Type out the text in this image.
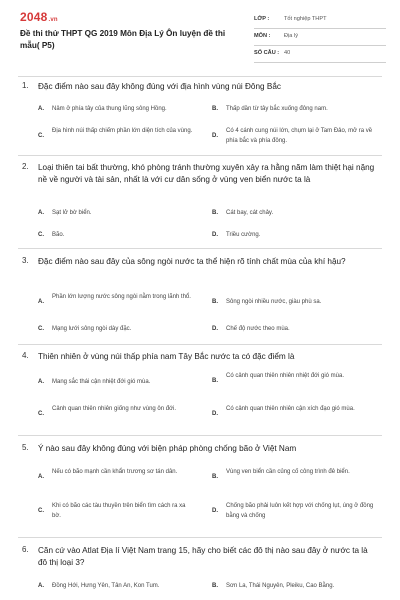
2048.vn
Đề thi thử THPT QG 2019 Môn Địa Lý Ôn luyện đề thi mẫu( P5)
LỚP :	Tốt nghiệp THPT
MÔN : Địa lý
SỐ CÂU : 40
1. Đặc điểm nào sau đây không đúng với địa hình vùng núi Đông Bắc
A. Nâm ở phía tây của thung lũng sông Hồng.	B. Thấp dần từ tây bắc xuống đông nam.
C.
Địa hình núi thấp chiếm phần lớn diện tích của vùng.
D.
Có 4 cánh cung núi lớn, chụm lại ở Tam Đảo, mở ra về phía bắc và phía đông.
2. Loại thiên tai bất thường, khó phòng tránh thường xuyên xảy ra hằng năm làm thiệt hại nặng nề về người và tài sản, nhất là với cư dân sống ở vùng ven biển nước ta là
A. Sạt lở bờ biển.	B. Cát bay, cát chảy.
C. Bão.	D. Triều cường.
3. Đặc điểm nào sau đây của sông ngòi nước ta thể hiện rõ tính chất mùa của khí hậu?
A.
Phần lớn lượng nước sông ngòi nằm trong lãnh thổ.
B. Sông ngòi nhiều nước, giàu phù sa.
C. Mạng lưới sông ngòi dày đặc.	D. Chế độ nước theo mùa.
4. Thiên nhiên ở vùng núi thấp phía nam Tây Bắc nước ta có đặc điểm là
A. Mang sắc thái cận nhiệt đới gió mùa.	B.
Có cảnh quan thiên nhiên nhiệt đới gió mùa.
C.
Cảnh quan thiên nhiên giống như vùng ôn đới.
D.
Có cảnh quan thiên nhiên cận xích đạo gió mùa.
5. Ý nào sau đây không đúng với biện pháp phòng chống bão ở Việt Nam
A.
Nếu có bão mạnh cần khẩn trương sơ tán dân.
B.
Vùng ven biển cần củng cố công trình đê biển.
C.
Khi có bão các tàu thuyền trên biển tìm cách ra xa bờ.
D.
Chống bão phải luôn kết hợp với chống lụt, úng ở đồng bằng và chống
6. Căn cứ vào Atlat Địa lí Việt Nam trang 15, hãy cho biết các đô thị nào sau đây ở nước ta là đô thị loại 3?
A. Đồng Hới, Hưng Yên, Tân An, Kon Tum.	B. Sơn La, Thái Nguyên, Pleiku, Cao Bằng.
